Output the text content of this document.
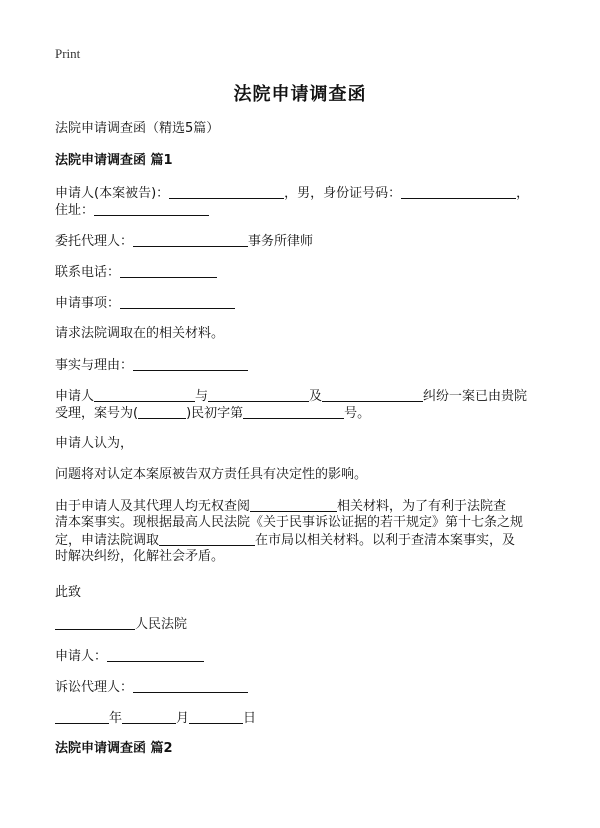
Print
法院申请调查函
法院申请调查函（精选5篇）
法院申请调查函 篇1
申请人(本案被告)：	，男，身份证号码：	，
住址：
委托代理人：	事务所律师
联系电话：
申请事项：
请求法院调取在的相关材料。
事实与理由：
申请人	与	及	纠纷一案已由贵院
受理，案号为(	)民初字第	号。
申请人认为，
问题将对认定本案原被告双方责任具有决定性的影响。
由于申请人及其代理人均无权查阅	相关材料，为了有利于法院查
清本案事实。现根据最高人民法院《关于民事诉讼证据的若干规定》第十七条之规
定，申请法院调取	在市局以相关材料。以利于查清本案事实，及
时解决纠纷，化解社会矛盾。
此致
人民法院
申请人：
诉讼代理人：
年	月	日
法院申请调查函 篇2
